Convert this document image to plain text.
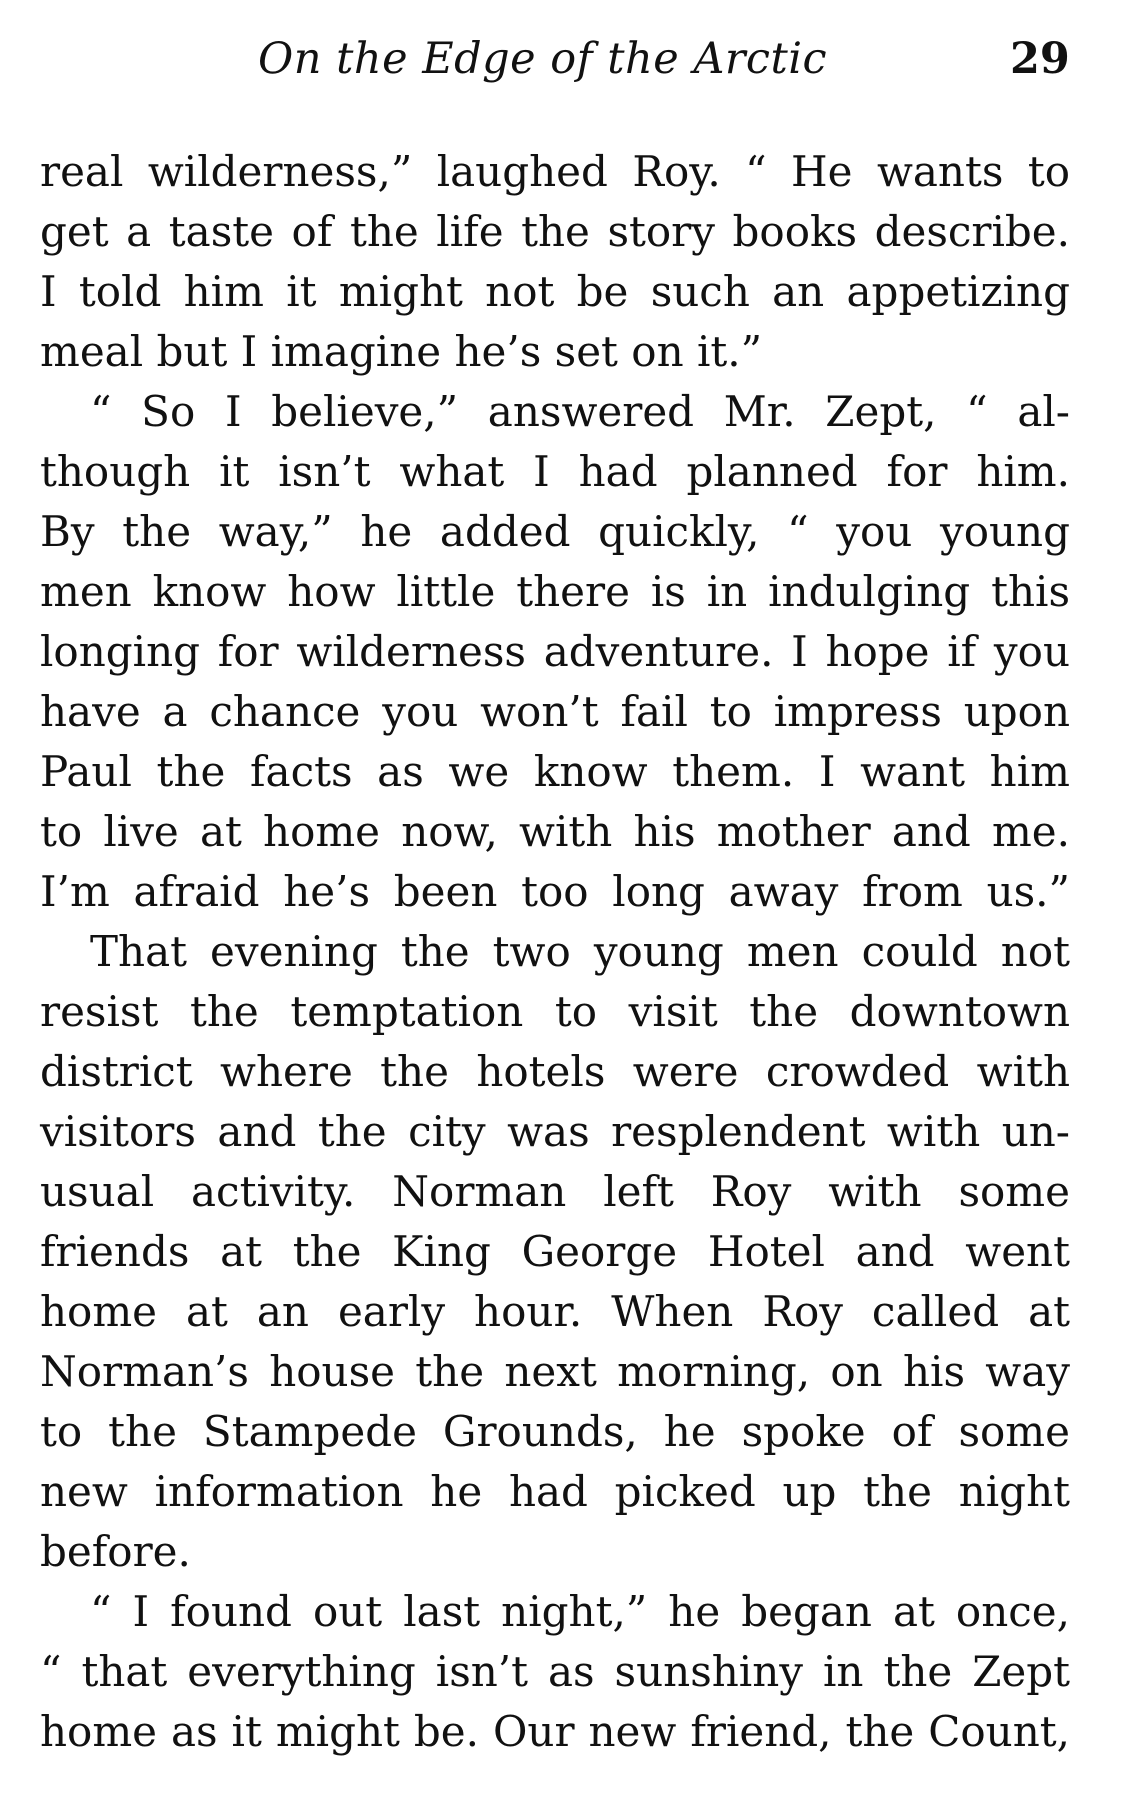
On the Edge of the Arctic	29
real wilderness,” laughed Roy. “ He wants to
get a taste of the life the story books describe.
I told him it might not be such an appetizing
meal but I imagine he’s set on it.”
“ So I believe,” answered Mr. Zept, “ al-
though it isn’t what I had planned for him.
By the way,” he added quickly, “ you young
men know how little there is in indulging this
longing for wilderness adventure. I hope if you
have a chance you won’t fail to impress upon
Paul the facts as we know them. I want him
to live at home now, with his mother and me.
I’m afraid he’s been too long away from us.”
That evening the two young men could not
resist the temptation to visit the downtown
district where the hotels were crowded with
visitors and the city was resplendent with un-
usual activity. Norman left Roy with some
friends at the King George Hotel and went
home at an early hour. When Roy called at
Norman’s house the next morning, on his way
to the Stampede Grounds, he spoke of some
new information he had picked up the night
before.
“ I found out last night,” he began at once,
“ that everything isn’t as sunshiny in the Zept
home as it might be. Our new friend, the Count,
